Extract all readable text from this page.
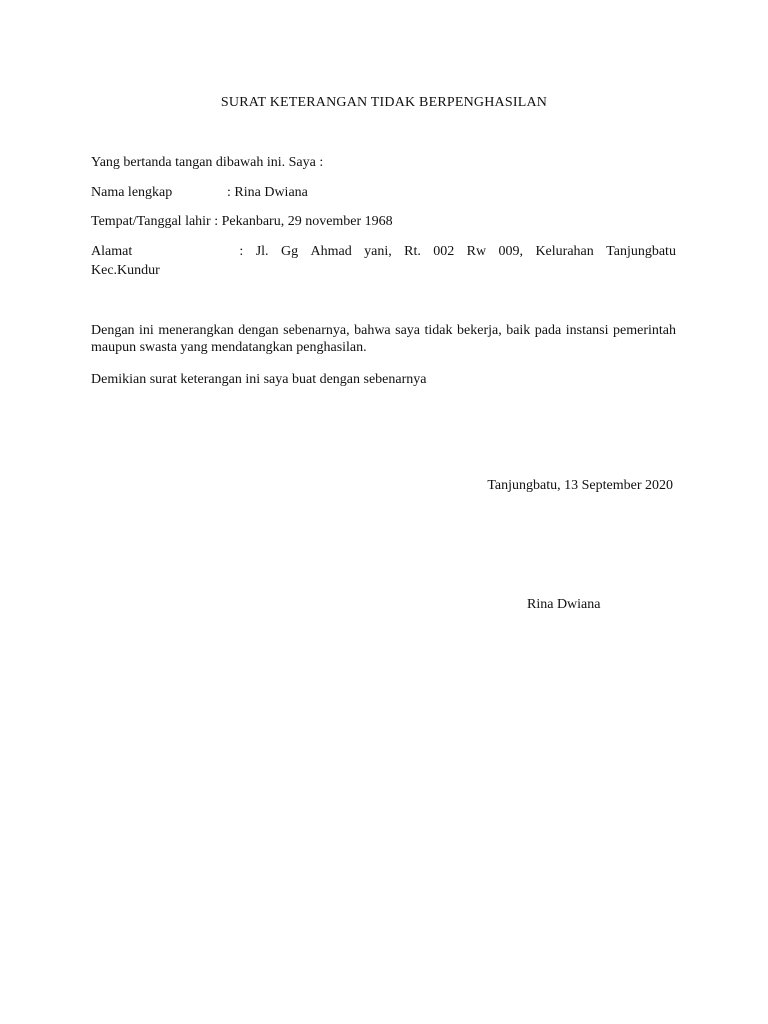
SURAT KETERANGAN TIDAK BERPENGHASILAN
Yang bertanda tangan dibawah ini. Saya :
Nama lengkap	: Rina Dwiana
Tempat/Tanggal lahir : Pekanbaru, 29 november 1968
Alamat	: Jl. Gg Ahmad yani, Rt. 002 Rw 009, Kelurahan Tanjungbatu
Kec.Kundur
Dengan ini menerangkan dengan sebenarnya, bahwa saya tidak bekerja, baik pada instansi pemerintah maupun swasta yang mendatangkan penghasilan.
Demikian surat keterangan ini saya buat dengan sebenarnya
Tanjungbatu, 13 September 2020
Rina Dwiana
